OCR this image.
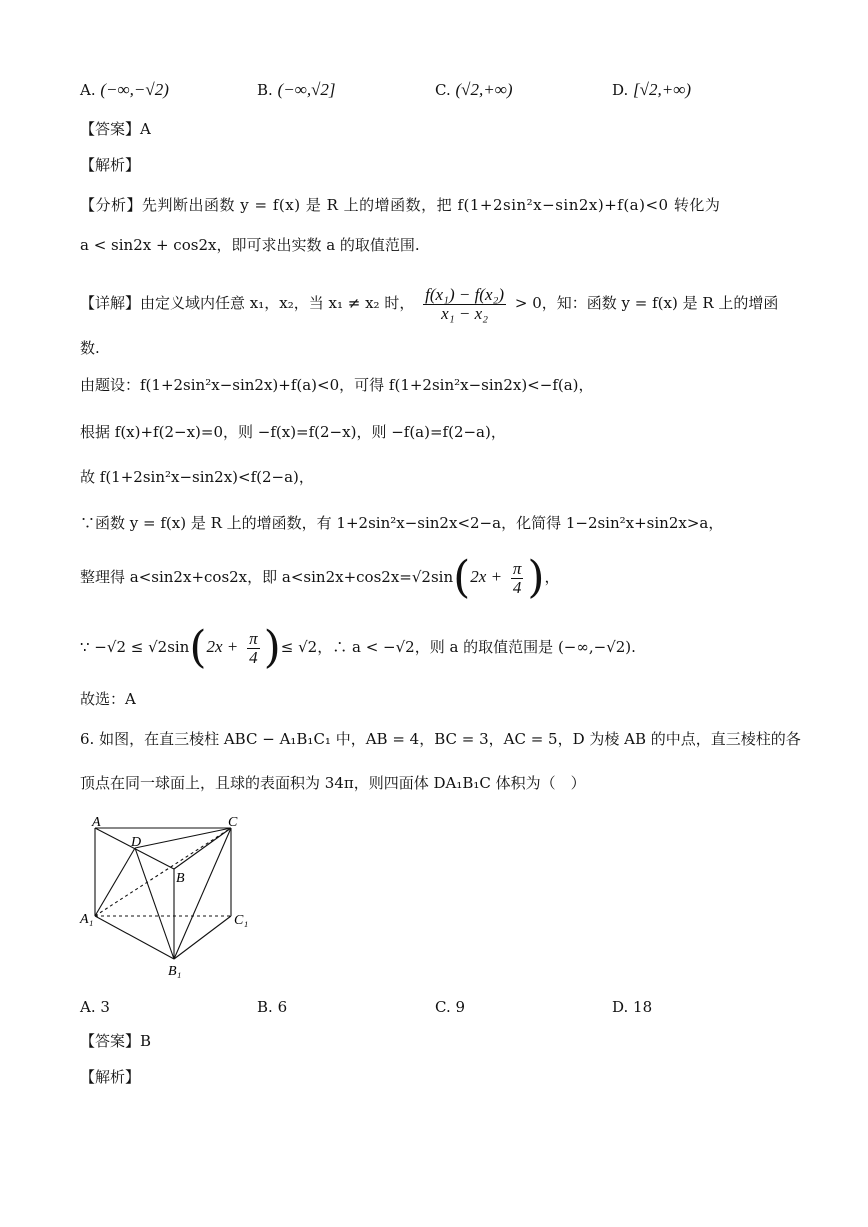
A. (−∞,−√2)	B. (−∞,√2]	C. (√2,+∞)	D. [√2,+∞)
【答案】A
【解析】
【分析】先判断出函数 y = f(x) 是 R 上的增函数，把 f(1+2sin²x−sin2x)+f(a)<0 转化为
a < sin2x + cos2x，即可求出实数 a 的取值范围.
【详解】由定义域内任意 x₁，x₂，当 x₁ ≠ x₂ 时， $\frac{\text{f(x₁) − f(x₂)}}{\text{x₁ − x₂}} > 0$，知：函数 y = f(x) 是 R 上的增函
数.
由题设：f(1+2sin²x−sin2x)+f(a)<0，可得 f(1+2sin²x−sin2x)<−f(a)，
根据 f(x)+f(2−x)=0，则 −f(x)=f(2−x)，则 −f(a)=f(2−a)，
故 f(1+2sin²x−sin2x)<f(2−a)，
∵函数 y = f(x) 是 R 上的增函数，有 1+2sin²x−sin2x<2−a，化简得 1−2sin²x+sin2x>a，
整理得 a<sin2x+cos2x，即 $a<\sin 2x+\cos 2x=√2\sin(2x + \frac{\pi}{4}$ )，
∵ $-√2 \le √2\sin(2x + \frac{\pi}{4}$ )≤ √2，∴ a < −√2，则 a 的取值范围是 (−∞,−√2).
故选：A
6. 如图，在直三棱柱 ABC − A₁B₁C₁ 中，AB = 4，BC = 3，AC = 5，D 为棱 AB 的中点，直三棱柱的各
顶点在同一球面上，且球的表面积为 34π，则四面体 DA₁B₁C 体积为（　）
A	C
D
B
A₁	C₁
B₁
A. 3	B. 6	C. 9	D. 18
【答案】B
【解析】
